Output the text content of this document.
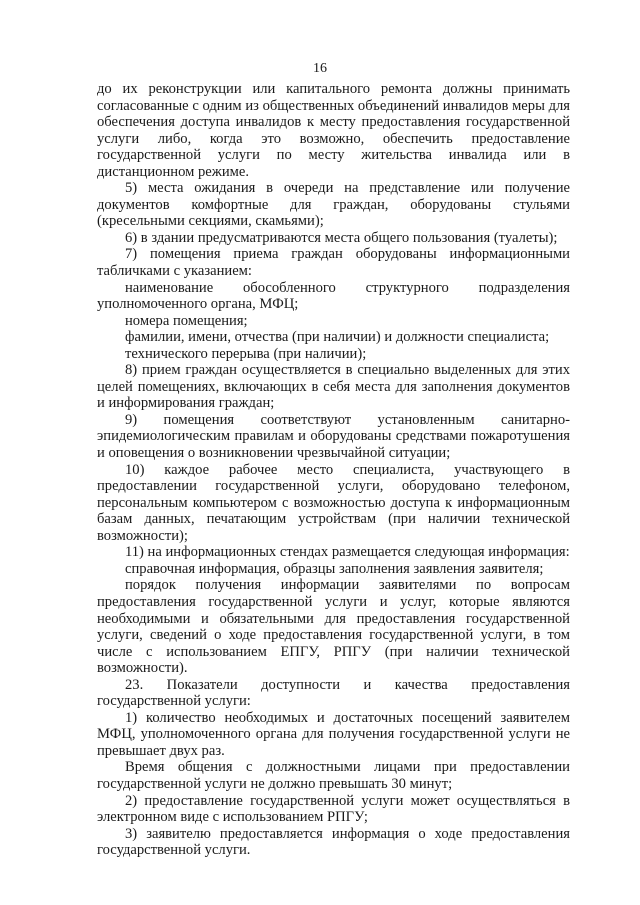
16

до их реконструкции или капитального ремонта должны принимать согласованные с одним из общественных объединений инвалидов меры для обеспечения доступа инвалидов к месту предоставления государственной услуги либо, когда это возможно, обеспечить предоставление государственной услуги по месту жительства инвалида или в дистанционном режиме.

5) места ожидания в очереди на представление или получение документов комфортные для граждан, оборудованы стульями (кресельными секциями, скамьями);

6) в здании предусматриваются места общего пользования (туалеты);

7) помещения приема граждан оборудованы информационными табличками с указанием:

наименование обособленного структурного подразделения уполномоченного органа, МФЦ;

номера помещения;

фамилии, имени, отчества (при наличии) и должности специалиста;

технического перерыва (при наличии);

8) прием граждан осуществляется в специально выделенных для этих целей помещениях, включающих в себя места для заполнения документов и информирования граждан;

9) помещения соответствуют установленным санитарно-эпидемиологическим правилам и оборудованы средствами пожаротушения и оповещения о возникновении чрезвычайной ситуации;

10) каждое рабочее место специалиста, участвующего в предоставлении государственной услуги, оборудовано телефоном, персональным компьютером с возможностью доступа к информационным базам данных, печатающим устройствам (при наличии технической возможности);

11) на информационных стендах размещается следующая информация:

справочная информация, образцы заполнения заявления заявителя;

порядок получения информации заявителями по вопросам предоставления государственной услуги и услуг, которые являются необходимыми и обязательными для предоставления государственной услуги, сведений о ходе предоставления государственной услуги, в том числе с использованием ЕПГУ, РПГУ (при наличии технической возможности).

23. Показатели доступности и качества предоставления государственной услуги:

1) количество необходимых и достаточных посещений заявителем МФЦ, уполномоченного органа для получения государственной услуги не превышает двух раз.

Время общения с должностными лицами при предоставлении государственной услуги не должно превышать 30 минут;

2) предоставление государственной услуги может осуществляться в электронном виде с использованием РПГУ;

3) заявителю предоставляется информация о ходе предоставления государственной услуги.
